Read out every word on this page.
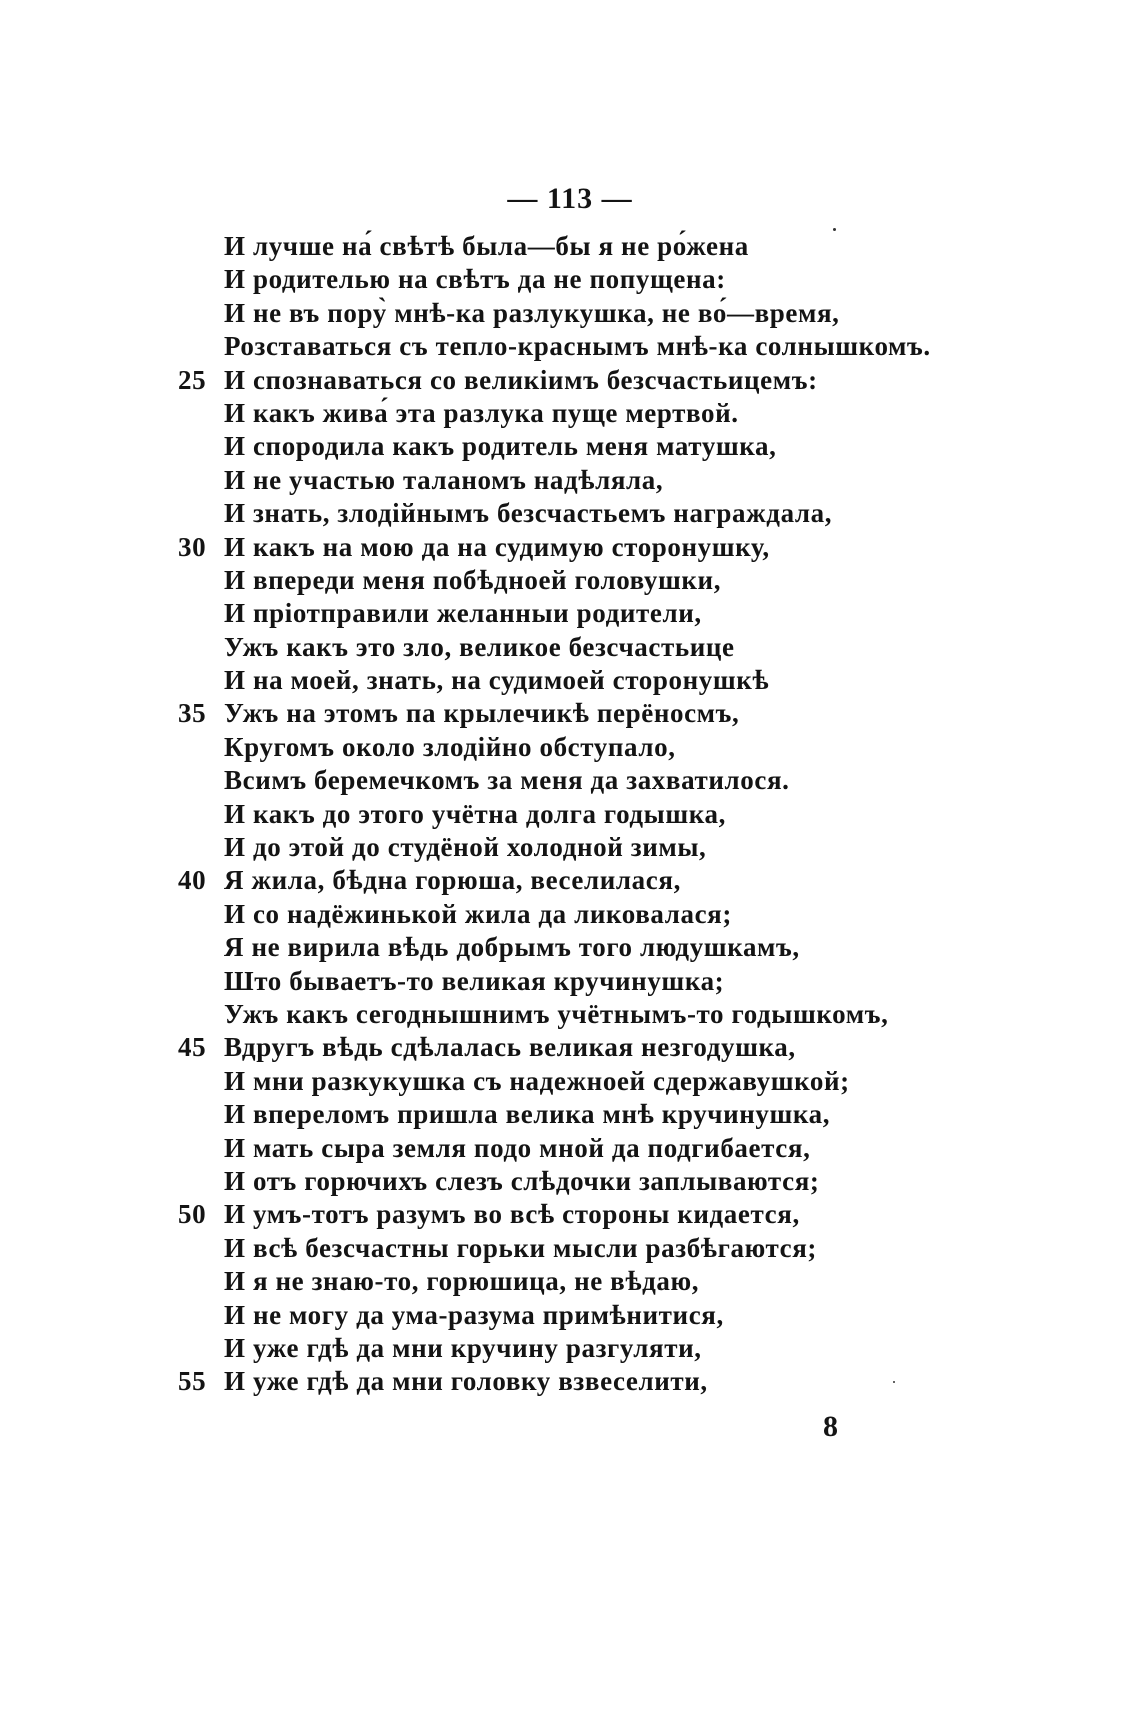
— 113 —
И лучше на́ свѣтѣ была—бы я не ро́жена
И родителью на свѣтъ да не попущена:
И не въ пору̀ мнѣ-ка разлукушка, не во́—время,
Розставаться съ тепло-краснымъ мнѣ-ка солнышкомъ.
25 И спознаваться со великіимъ безсчастьицемъ:
И какъ жива́ эта разлука пуще мертвой.
И спородила какъ родитель меня матушка,
И не участью таланомъ надѣляла,
И знать, злодійнымъ безсчастьемъ награждала,
30 И какъ на мою да на судимую сторонушку,
И впереди меня побѣдноей головушки,
И пріотправили желанныи родители,
Ужъ какъ это зло, великое безсчастьице
И на моей, знать, на судимоей сторонушкѣ
35 Ужъ на этомъ па крылечикѣ перёносмъ,
Кругомъ около злодійно обступало,
Всимъ беремечкомъ за меня да захватилося.
И какъ до этого учётна долга годышка,
И до этой до студёной холодной зимы,
40 Я жила, бѣдна горюша, веселилася,
И со надёжинькой жила да ликовалася;
Я не вирила вѣдь добрымъ того людушкамъ,
Што бываетъ-то великая кручинушка;
Ужъ какъ сегоднышнимъ учётнымъ-то годышкомъ,
45 Вдругъ вѣдь сдѣлалась великая незгодушка,
И мни разкукушка съ надежноей сдержавушкой;
И впереломъ пришла велика мнѣ кручинушка,
И мать сыра земля подо мной да подгибается,
И отъ горючихъ слезъ слѣдочки заплываются;
50 И умъ-тотъ разумъ во всѣ стороны кидается,
И всѣ безсчастны горьки мысли разбѣгаются;
И я не знаю-то, горюшица, не вѣдаю,
И не могу да ума-разума примѣнитися,
И уже гдѣ да мни кручину разгуляти,
55 И уже гдѣ да мни головку взвеселити,
8
